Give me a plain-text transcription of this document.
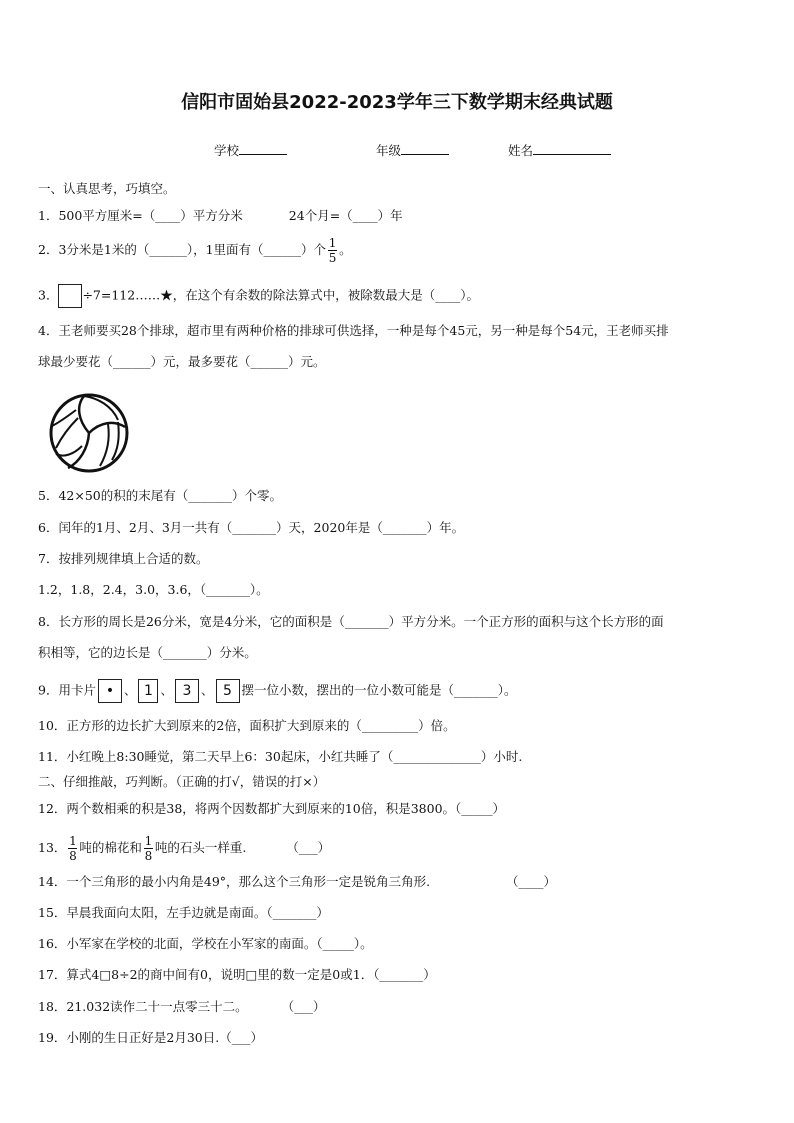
信阳市固始县2022-2023学年三下数学期末经典试题
学校	年级	姓名
一、认真思考，巧填空。
1．500平方厘米=（____）平方分米	24个月=（____）年
2．3分米是1米的（______），1里面有（______）个 $\frac{1}{5}$ 。
3． ÷7=112……★，在这个有余数的除法算式中，被除数最大是（____）。
4．王老师要买28个排球，超市里有两种价格的排球可供选择，一种是每个45元，另一种是每个54元，王老师买排
球最少要花（______）元，最多要花（______）元。
5．42×50的积的末尾有（_______）个零。
6．闰年的1月、2月、3月一共有（_______）天，2020年是（_______）年。
7．按排列规律填上合适的数。
1.2，1.8，2.4，3.0，3.6，（_______）。
8．长方形的周长是26分米，宽是4分米，它的面积是（_______）平方分米。一个正方形的面积与这个长方形的面
积相等，它的边长是（_______）分米。
9．用卡片 • 、 1 、 3 、 5 摆一位小数，摆出的一位小数可能是（_______）。
10．正方形的边长扩大到原来的2倍，面积扩大到原来的（_________）倍。
11．小红晚上8:30睡觉，第二天早上6：30起床，小红共睡了（______________）小时.
二、仔细推敲，巧判断。（正确的打√，错误的打×）
12．两个数相乘的积是38，将两个因数都扩大到原来的10倍，积是3800。（_____）
13． $\frac{1}{8}$ 吨的棉花和 $\frac{1}{8}$ 吨的石头一样重.	（___）
14．一个三角形的最小内角是49°，那么这个三角形一定是锐角三角形.	（____）
15．早晨我面向太阳，左手边就是南面。（_______）
16．小军家在学校的北面，学校在小军家的南面。（_____）。
17．算式4□8÷2的商中间有0，说明□里的数一定是0或1．（_______）
18．21.032读作二十一点零三十二。	（___）
19．小刚的生日正好是2月30日.（___）
